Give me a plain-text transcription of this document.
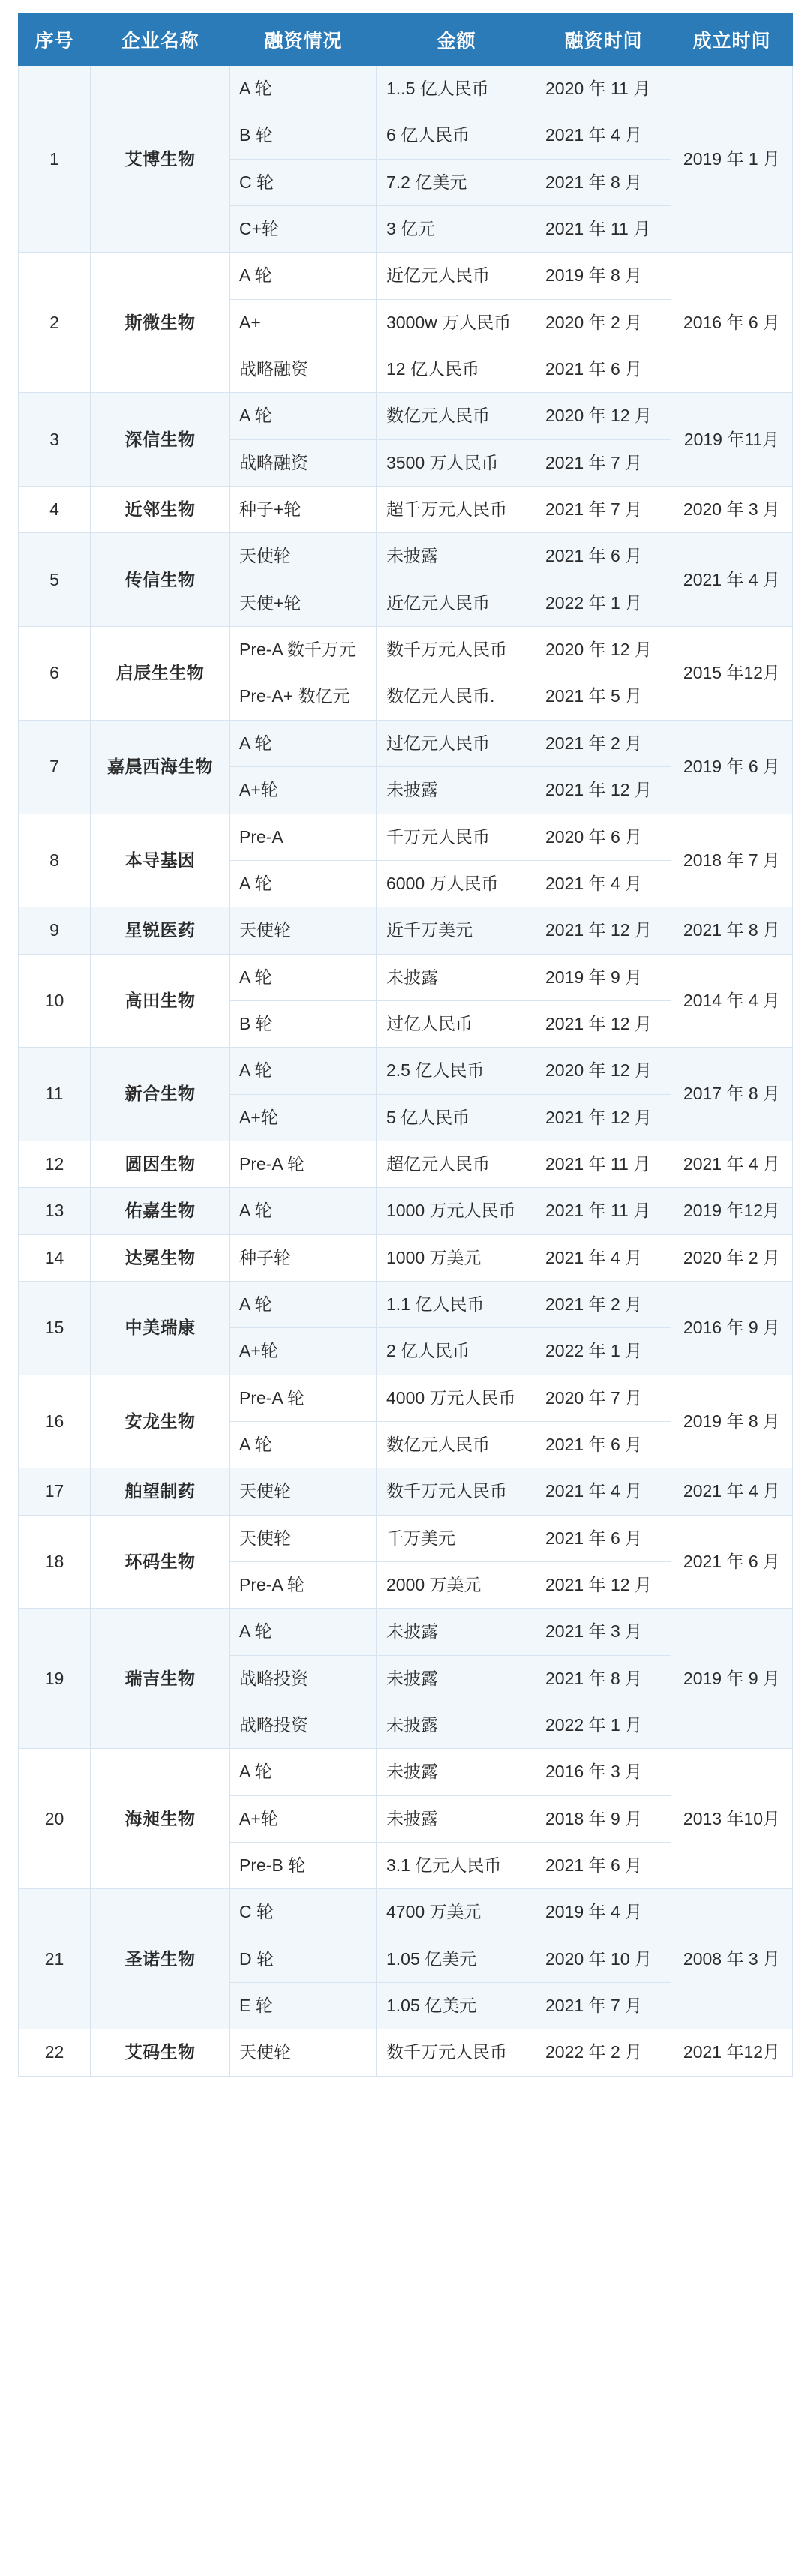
序号	企业名称	融资情况	金额	融资时间	成立时间
1	艾博生物	A 轮	1..5 亿人民币	2020 年 11 月	2019 年 1 月
		B 轮	6 亿人民币	2021 年 4 月	
		C 轮	7.2 亿美元	2021 年 8 月	
		C+轮	3 亿元	2021 年 11 月	
2	斯微生物	A 轮	近亿元人民币	2019 年 8 月	2016 年 6 月
		A+	3000w 万人民币	2020 年 2 月	
		战略融资	12 亿人民币	2021 年 6 月	
3	深信生物	A 轮	数亿元人民币	2020 年 12 月	2019 年11月
		战略融资	3500 万人民币	2021 年 7 月	
4	近邻生物	种子+轮	超千万元人民币	2021 年 7 月	2020 年 3 月
5	传信生物	天使轮	未披露	2021 年 6 月	2021 年 4 月
		天使+轮	近亿元人民币	2022 年 1 月	
6	启辰生生物	Pre-A 数千万元	数千万元人民币	2020 年 12 月	2015 年12月
		Pre-A+ 数亿元	数亿元人民币.	2021 年 5 月	
7	嘉晨西海生物	A 轮	过亿元人民币	2021 年 2 月	2019 年 6 月
		A+轮	未披露	2021 年 12 月	
8	本导基因	Pre-A	千万元人民币	2020 年 6 月	2018 年 7 月
		A 轮	6000 万人民币	2021 年 4 月	
9	星锐医药	天使轮	近千万美元	2021 年 12 月	2021 年 8 月
10	高田生物	A 轮	未披露	2019 年 9 月	2014 年 4 月
		B 轮	过亿人民币	2021 年 12 月	
11	新合生物	A 轮	2.5 亿人民币	2020 年 12 月	2017 年 8 月
		A+轮	5 亿人民币	2021 年 12 月	
12	圆因生物	Pre-A 轮	超亿元人民币	2021 年 11 月	2021 年 4 月
13	佑嘉生物	A 轮	1000 万元人民币	2021 年 11 月	2019 年12月
14	达冕生物	种子轮	1000 万美元	2021 年 4 月	2020 年 2 月
15	中美瑞康	A 轮	1.1 亿人民币	2021 年 2 月	2016 年 9 月
		A+轮	2 亿人民币	2022 年 1 月	
16	安龙生物	Pre-A 轮	4000 万元人民币	2020 年 7 月	2019 年 8 月
		A 轮	数亿元人民币	2021 年 6 月	
17	舶望制药	天使轮	数千万元人民币	2021 年 4 月	2021 年 4 月
18	环码生物	天使轮	千万美元	2021 年 6 月	2021 年 6 月
		Pre-A 轮	2000 万美元	2021 年 12 月	
19	瑞吉生物	A 轮	未披露	2021 年 3 月	2019 年 9 月
		战略投资	未披露	2021 年 8 月	
		战略投资	未披露	2022 年 1 月	
20	海昶生物	A 轮	未披露	2016 年 3 月	2013 年10月
		A+轮	未披露	2018 年 9 月	
		Pre-B 轮	3.1 亿元人民币	2021 年 6 月	
21	圣诺生物	C 轮	4700 万美元	2019 年 4 月	2008 年 3 月
		D 轮	1.05 亿美元	2020 年 10 月	
		E 轮	1.05 亿美元	2021 年 7 月	
22	艾码生物	天使轮	数千万元人民币	2022 年 2 月	2021 年12月
